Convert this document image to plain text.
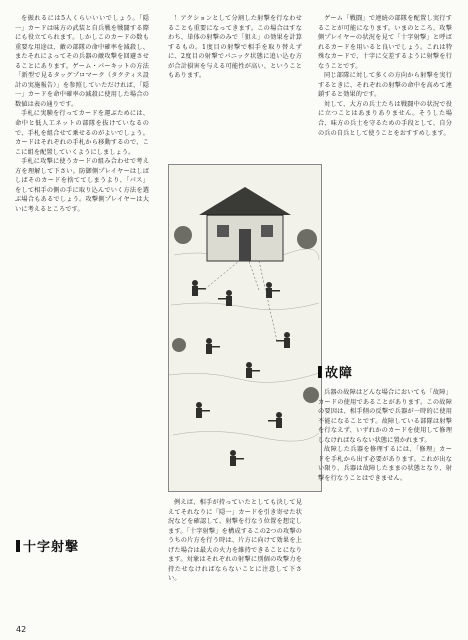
を振れるには5人くらいいいでしょう。「隠一」カードは味方の武装と自兵戦を戦闘する際にも役立てられます。しかしこのカードの数も重要な用途は、敵の部隊の命中確率を減殺し、またそれによってその兵器の敵攻撃を回避させることにあります。ゲーム・パーキットの方法「新型で見るタッグプロマーク（タクティス設計の実施報告）」を参照していただければ、「隠一」カードを命中確率の減殺に使用した場合の数値は表の通りです。

手札に実験を行ってカードを運ぶためには、命中と低人工ネットの部隊を抜けていなるので、手札を組合せて乗せるのがよいでしょう。カードはそれぞれの手札から移動するので、ここに組を配置していくようにしましょう。

手札に攻撃に使うカードの組み合わせで考え方を理解して下さい。防御側プレイヤーはしばしばそのカードを捨ててしまうより、「パス」をして相手の側の手に取り込んでいく方法を選ぶ場合もあるでしょう。攻撃側プレイヤーは大いに考えるところです。

十字射撃

！アクションとして分割した射撃を行なわせることも重要になってきます。この場合はすなわち、単体の射撃のみで「狙え」の効果を計算するもの。1度目の射撃で相手を取り替えずに、2度目の射撃でパニック状態に追い込む方が合計損害を与える可能性が高い、ということもあります。

例えば、相手が持っていたとしても決して見えてそれなりに「隠一」カードを引き寄せた状況などを確認して、射撃を行なう位置を想定します。「十字射撃」を構成するこの2つの攻撃のうちの片方を行う時は、片方に向けて効果を上げた場合は最大の火力を維持できることになります。対象はそれぞれの射撃に別個の攻撃力を持たせなければならないことに注意して下さい。

ゲーム「戦闘」で連続の部隊を配置し実行することが可能になります。いまのところ、攻撃側プレイヤーの状況を見て「十字射撃」と呼ばれるカードを用いると良いでしょう。これは特殊なカードで、十字に交差するように射撃を行なうことです。

同じ部隊に対して多くの方向から射撃を実行するときに、それぞれの射撃の命中を高めて連鎖すると効果的です。

対して、大方の兵士たちは戦闘中の状況で役に立つことはあまりありません。そうした場合、味方の兵士を守るための手段として、自分の兵の自兵として使うことをおすすめします。

故障

兵器の故障はどんな場合においても「故障」カードの使用であることがあります。この故障の要因は、相手側の反撃で兵器が一時的に使用不能になることです。故障している部隊は射撃を行なえず、いずれかのカードを使用して修理しなければならない状態に置かれます。

故障した兵器を修理するには、「修理」カードを手札から出す必要があります。これが出ない限り、兵器は故障したままの状態となり、射撃を行なうことはできません。

42
